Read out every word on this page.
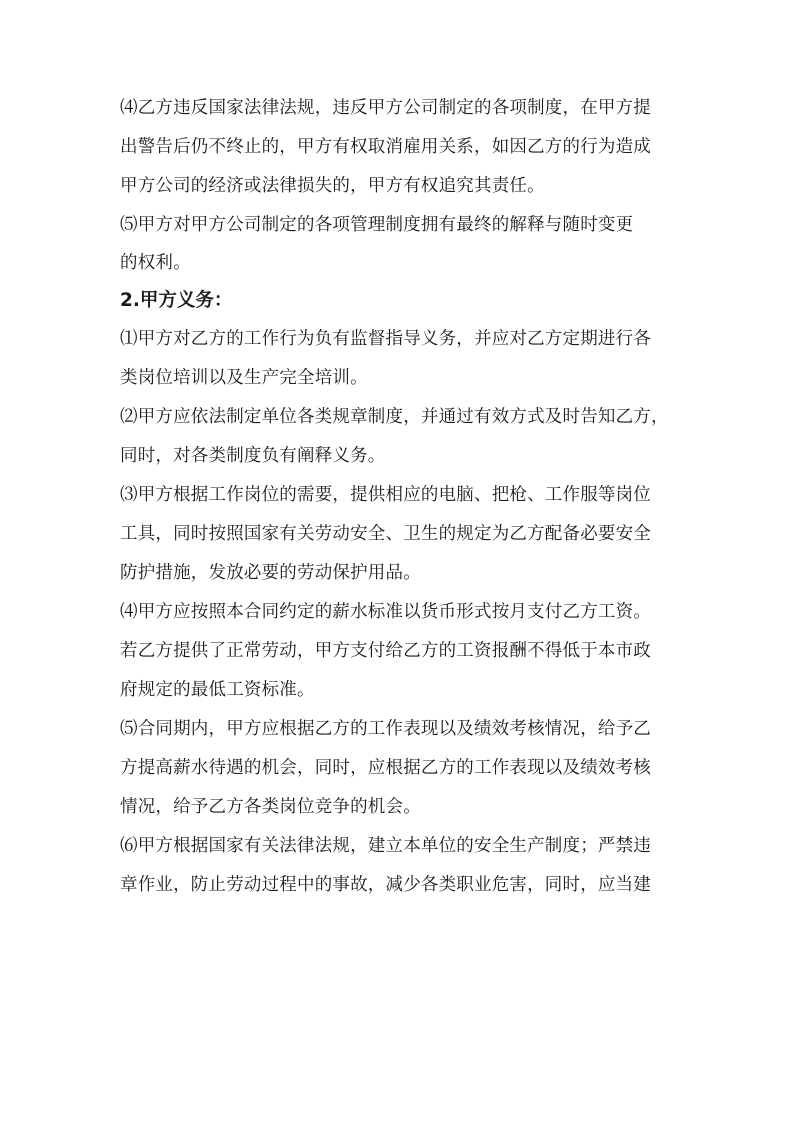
⑷乙方违反国家法律法规，违反甲方公司制定的各项制度，在甲方提
出警告后仍不终止的，甲方有权取消雇用关系，如因乙方的行为造成
甲方公司的经济或法律损失的，甲方有权追究其责任。
⑸甲方对甲方公司制定的各项管理制度拥有最终的解释与随时变更
的权利。
2.甲方义务：
⑴甲方对乙方的工作行为负有监督指导义务，并应对乙方定期进行各
类岗位培训以及生产完全培训。
⑵甲方应依法制定单位各类规章制度，并通过有效方式及时告知乙方，
同时，对各类制度负有阐释义务。
⑶甲方根据工作岗位的需要，提供相应的电脑、把枪、工作服等岗位
工具，同时按照国家有关劳动安全、卫生的规定为乙方配备必要安全
防护措施，发放必要的劳动保护用品。
⑷甲方应按照本合同约定的薪水标准以货币形式按月支付乙方工资。
若乙方提供了正常劳动，甲方支付给乙方的工资报酬不得低于本市政
府规定的最低工资标准。
⑸合同期内，甲方应根据乙方的工作表现以及绩效考核情况，给予乙
方提高薪水待遇的机会，同时，应根据乙方的工作表现以及绩效考核
情况，给予乙方各类岗位竞争的机会。
⑹甲方根据国家有关法律法规，建立本单位的安全生产制度；严禁违
章作业，防止劳动过程中的事故，减少各类职业危害，同时，应当建
